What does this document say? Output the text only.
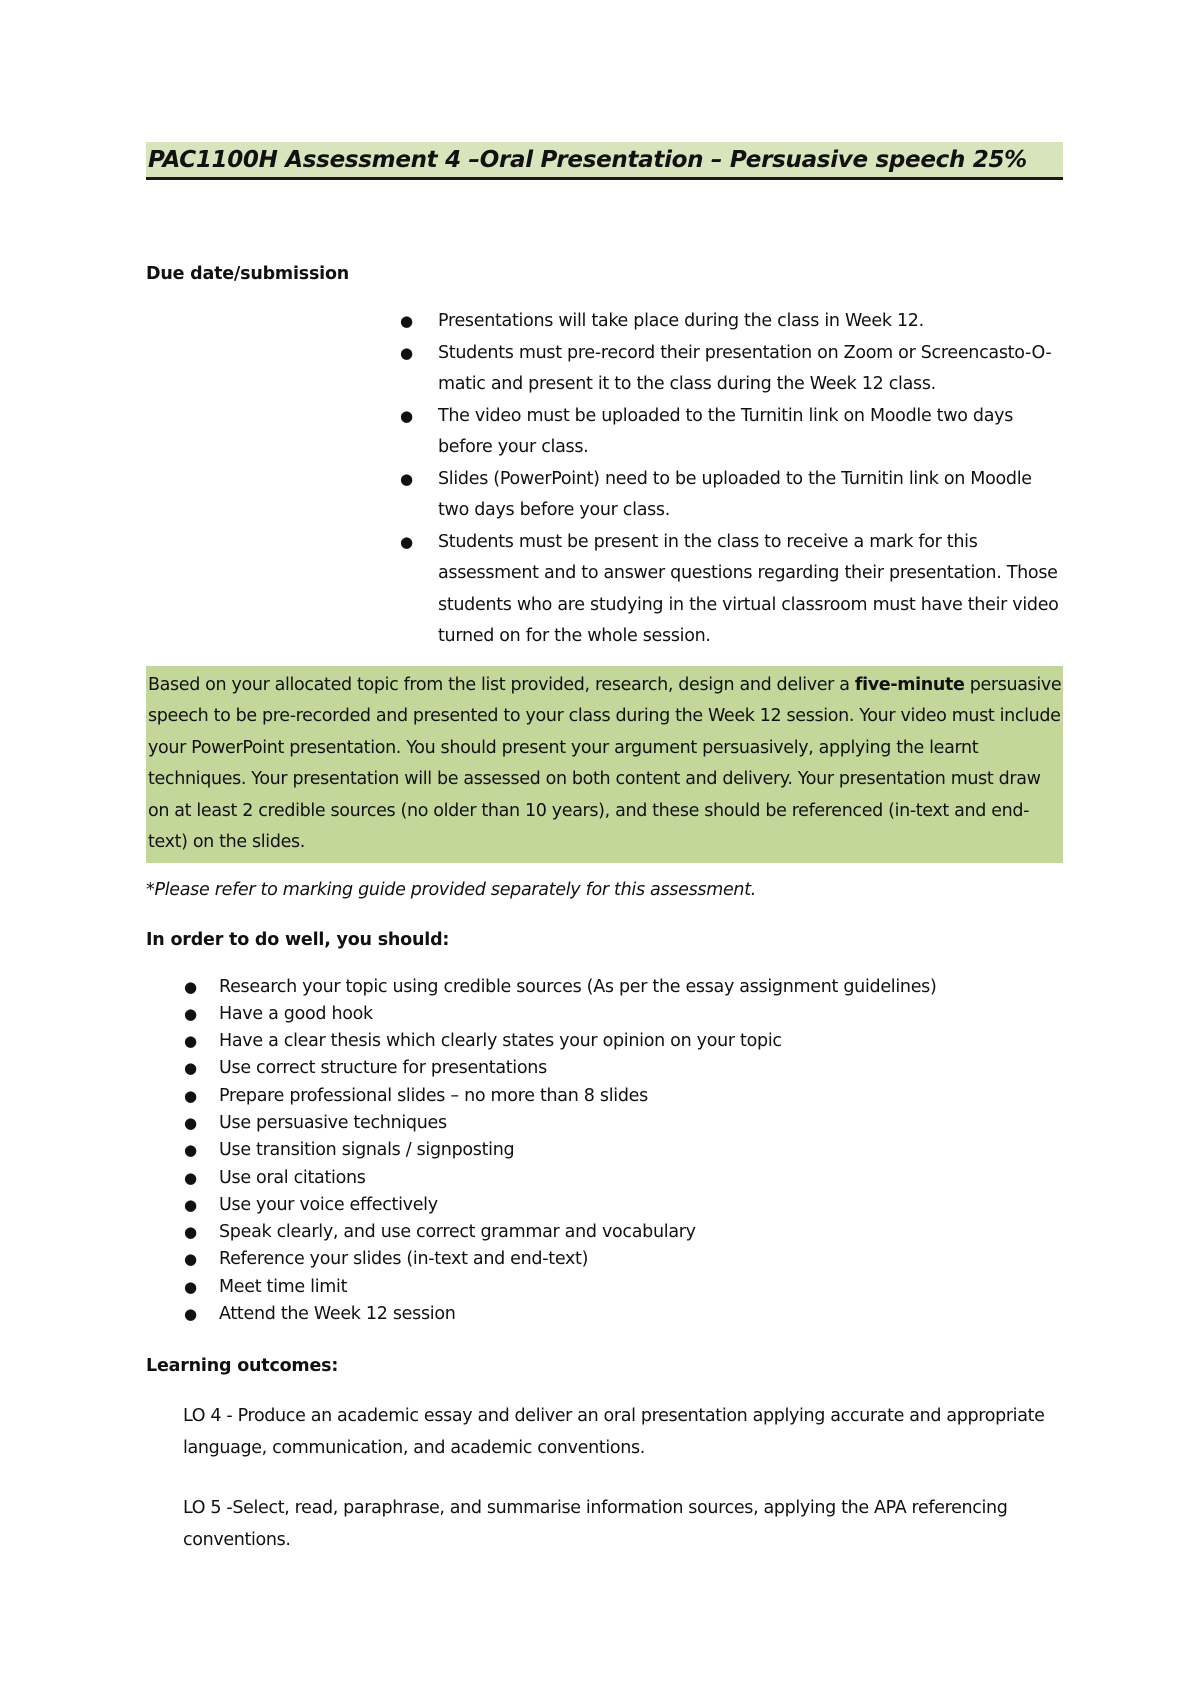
PAC1100H Assessment 4 –Oral Presentation – Persuasive speech 25%
Due date/submission
● Presentations will take place during the class in Week 12.
● Students must pre-record their presentation on Zoom or Screencasto-O-matic and present it to the class during the Week 12 class.
● The video must be uploaded to the Turnitin link on Moodle two days before your class.
● Slides (PowerPoint) need to be uploaded to the Turnitin link on Moodle two days before your class.
● Students must be present in the class to receive a mark for this assessment and to answer questions regarding their presentation. Those students who are studying in the virtual classroom must have their video turned on for the whole session.
Based on your allocated topic from the list provided, research, design and deliver a five-minute persuasive speech to be pre-recorded and presented to your class during the Week 12 session. Your video must include your PowerPoint presentation. You should present your argument persuasively, applying the learnt techniques. Your presentation will be assessed on both content and delivery. Your presentation must draw on at least 2 credible sources (no older than 10 years), and these should be referenced (in-text and end-text) on the slides.
*Please refer to marking guide provided separately for this assessment.
In order to do well, you should:
● Research your topic using credible sources (As per the essay assignment guidelines)
● Have a good hook
● Have a clear thesis which clearly states your opinion on your topic
● Use correct structure for presentations
● Prepare professional slides – no more than 8 slides
● Use persuasive techniques
● Use transition signals / signposting
● Use oral citations
● Use your voice effectively
● Speak clearly, and use correct grammar and vocabulary
● Reference your slides (in-text and end-text)
● Meet time limit
● Attend the Week 12 session
Learning outcomes:
LO 4 - Produce an academic essay and deliver an oral presentation applying accurate and appropriate language, communication, and academic conventions.
LO 5 -Select, read, paraphrase, and summarise information sources, applying the APA referencing conventions.
